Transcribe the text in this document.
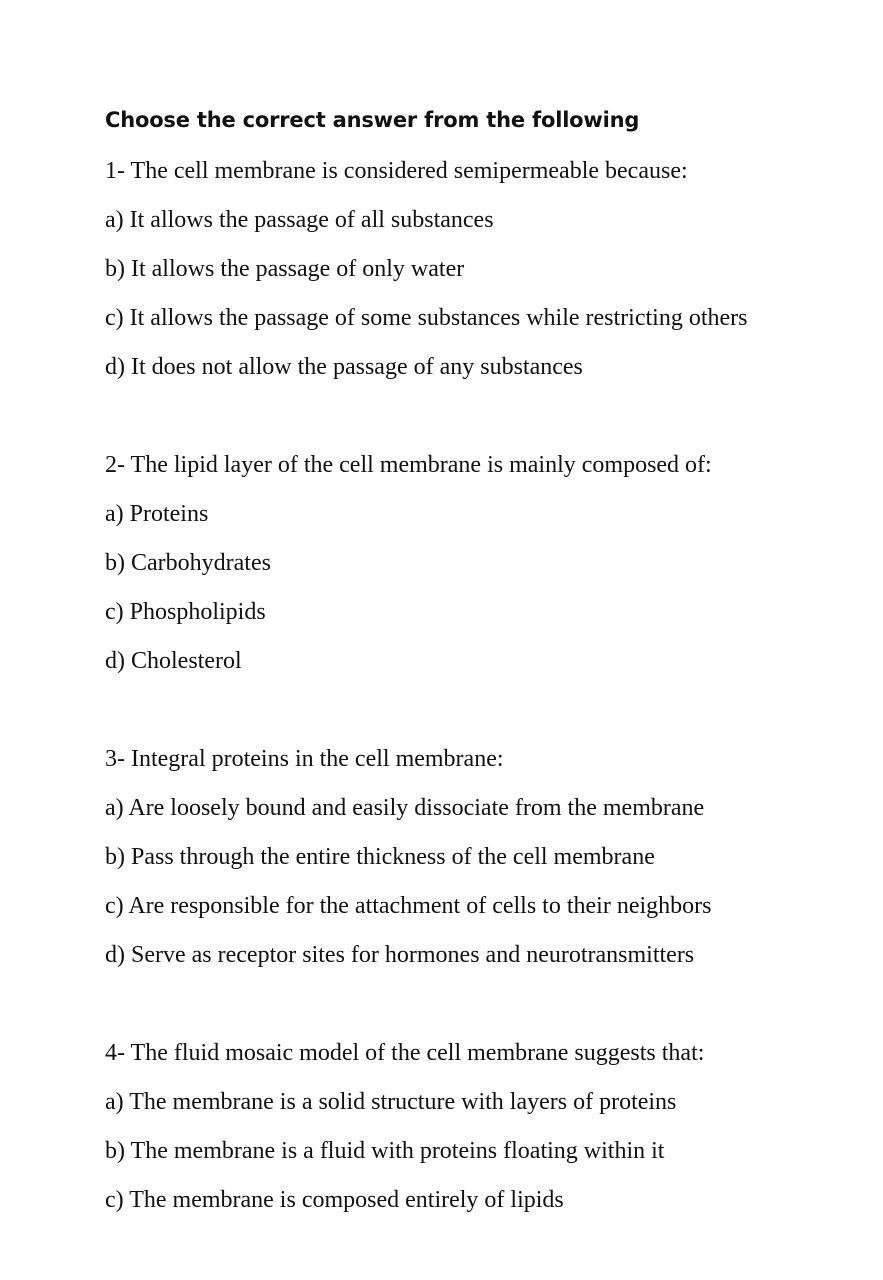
Choose the correct answer from the following
1- The cell membrane is considered semipermeable because:
a) It allows the passage of all substances
b) It allows the passage of only water
c) It allows the passage of some substances while restricting others
d) It does not allow the passage of any substances
2- The lipid layer of the cell membrane is mainly composed of:
a) Proteins
b) Carbohydrates
c) Phospholipids
d) Cholesterol
3- Integral proteins in the cell membrane:
a) Are loosely bound and easily dissociate from the membrane
b) Pass through the entire thickness of the cell membrane
c) Are responsible for the attachment of cells to their neighbors
d) Serve as receptor sites for hormones and neurotransmitters
4- The fluid mosaic model of the cell membrane suggests that:
a) The membrane is a solid structure with layers of proteins
b) The membrane is a fluid with proteins floating within it
c) The membrane is composed entirely of lipids
